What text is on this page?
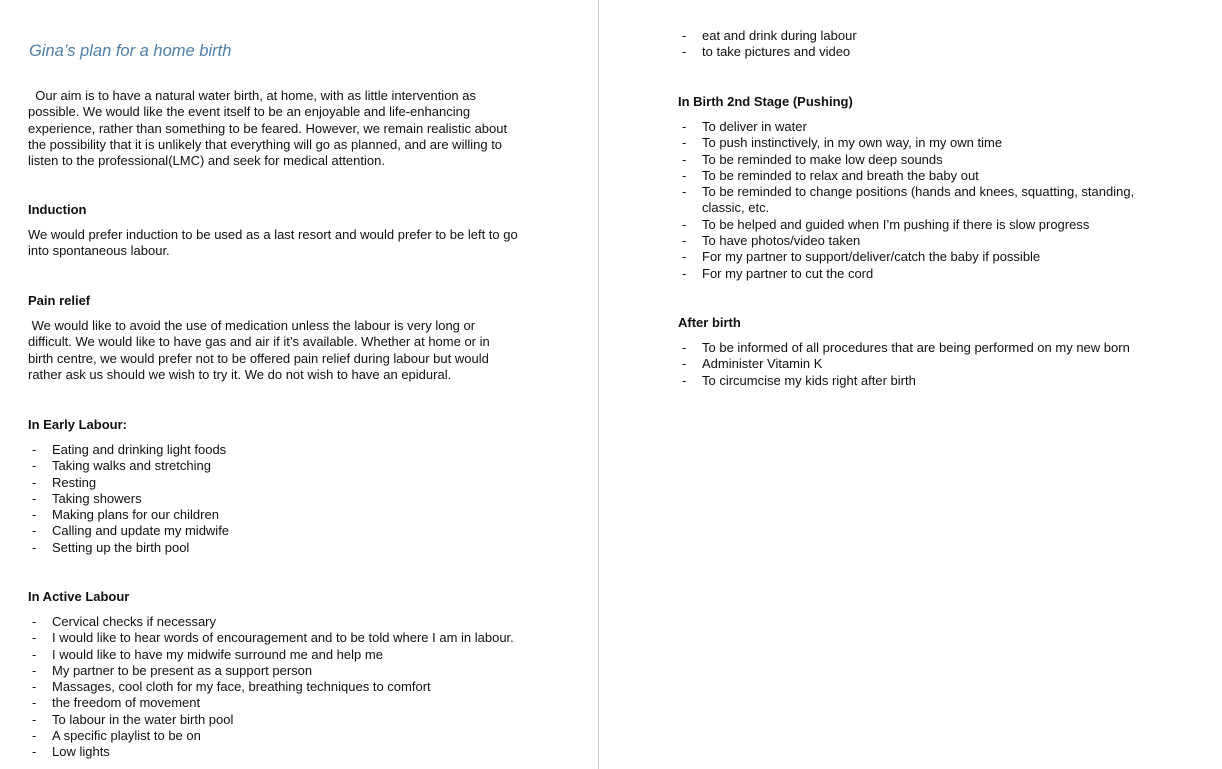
Gina’s plan for a home birth

Our aim is to have a natural water birth, at home, with as little intervention as possible. We would like the event itself to be an enjoyable and life-enhancing experience, rather than something to be feared. However, we remain realistic about the possibility that it is unlikely that everything will go as planned, and are willing to listen to the professional(LMC) and seek for medical attention.

Induction

We would prefer induction to be used as a last resort and would prefer to be left to go into spontaneous labour.

Pain relief

We would like to avoid the use of medication unless the labour is very long or difficult. We would like to have gas and air if it’s available. Whether at home or in birth centre, we would prefer not to be offered pain relief during labour but would rather ask us should we wish to try it. We do not wish to have an epidural.

In Early Labour:
- Eating and drinking light foods
- Taking walks and stretching
- Resting
- Taking showers
- Making plans for our children
- Calling and update my midwife
- Setting up the birth pool
In Active Labour
- Cervical checks if necessary
- I would like to hear words of encouragement and to be told where I am in labour.
- I would like to have my midwife surround me and help me
- My partner to be present as a support person
- Massages, cool cloth for my face, breathing techniques to comfort
- the freedom of movement
- To labour in the water birth pool
- A specific playlist to be on
- Low lights
- eat and drink during labour
- to take pictures and video
In Birth 2nd Stage (Pushing)
- To deliver in water
- To push instinctively, in my own way, in my own time
- To be reminded to make low deep sounds
- To be reminded to relax and breath the baby out
- To be reminded to change positions (hands and knees, squatting, standing, classic, etc.
- To be helped and guided when I’m pushing if there is slow progress
- To have photos/video taken
- For my partner to support/deliver/catch the baby if possible
- For my partner to cut the cord
After birth
- To be informed of all procedures that are being performed on my new born
- Administer Vitamin K
- To circumcise my kids right after birth
